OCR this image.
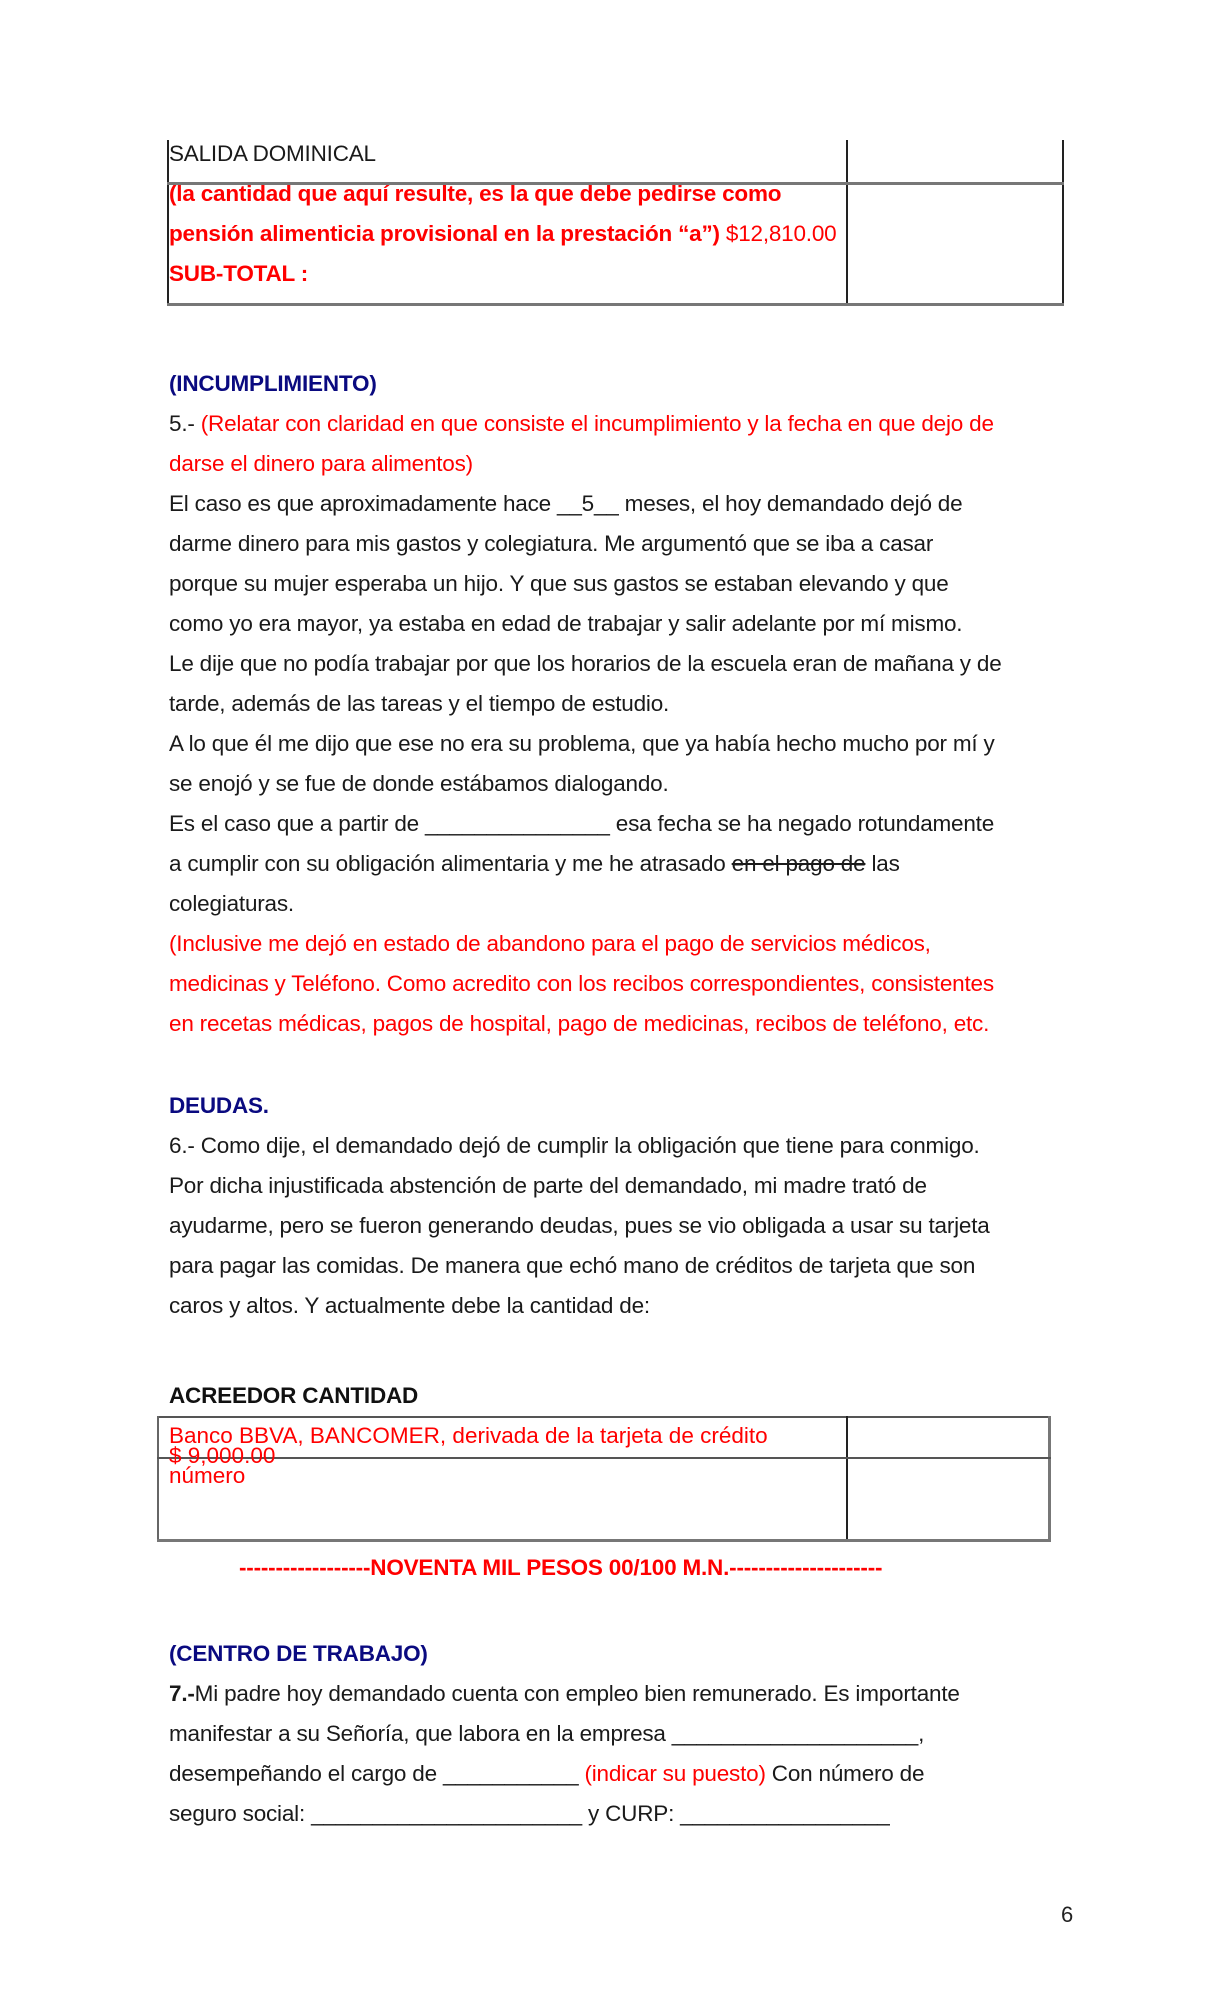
SALIDA DOMINICAL
(la cantidad que aquí resulte, es la que debe pedirse como
pensión alimenticia provisional en la prestación “a”) $12,810.00
SUB-TOTAL :
(INCUMPLIMIENTO)
5.- (Relatar con claridad en que consiste el incumplimiento y la fecha en que dejo de
darse el dinero para alimentos)
El caso es que aproximadamente hace __5__ meses, el hoy demandado dejó de
darme dinero para mis gastos y colegiatura. Me argumentó que se iba a casar
porque su mujer esperaba un hijo. Y que sus gastos se estaban elevando y que
como yo era mayor, ya estaba en edad de trabajar y salir adelante por mí mismo.
Le dije que no podía trabajar por que los horarios de la escuela eran de mañana y de
tarde, además de las tareas y el tiempo de estudio.
A lo que él me dijo que ese no era su problema, que ya había hecho mucho por mí y
se enojó y se fue de donde estábamos dialogando.
Es el caso que a partir de _______________ esa fecha se ha negado rotundamente
a cumplir con su obligación alimentaria y me he atrasado en el pago de las
colegiaturas.
(Inclusive me dejó en estado de abandono para el pago de servicios médicos,
medicinas y Teléfono. Como acredito con los recibos correspondientes, consistentes
en recetas médicas, pagos de hospital, pago de medicinas, recibos de teléfono, etc.
DEUDAS.
6.- Como dije, el demandado dejó de cumplir la obligación que tiene para conmigo.
Por dicha injustificada abstención de parte del demandado, mi madre trató de
ayudarme, pero se fueron generando deudas, pues se vio obligada a usar su tarjeta
para pagar las comidas. De manera que echó mano de créditos de tarjeta que son
caros y altos. Y actualmente debe la cantidad de:
ACREEDOR CANTIDAD
Banco BBVA, BANCOMER, derivada de la tarjeta de crédito
$ 9,000.00
número
------------------NOVENTA MIL PESOS 00/100 M.N.---------------------
(CENTRO DE TRABAJO)
7.-Mi padre hoy demandado cuenta con empleo bien remunerado. Es importante
manifestar a su Señoría, que labora en la empresa ____________________,
desempeñando el cargo de ___________ (indicar su puesto) Con número de
seguro social: ______________________ y CURP: _________________
6
